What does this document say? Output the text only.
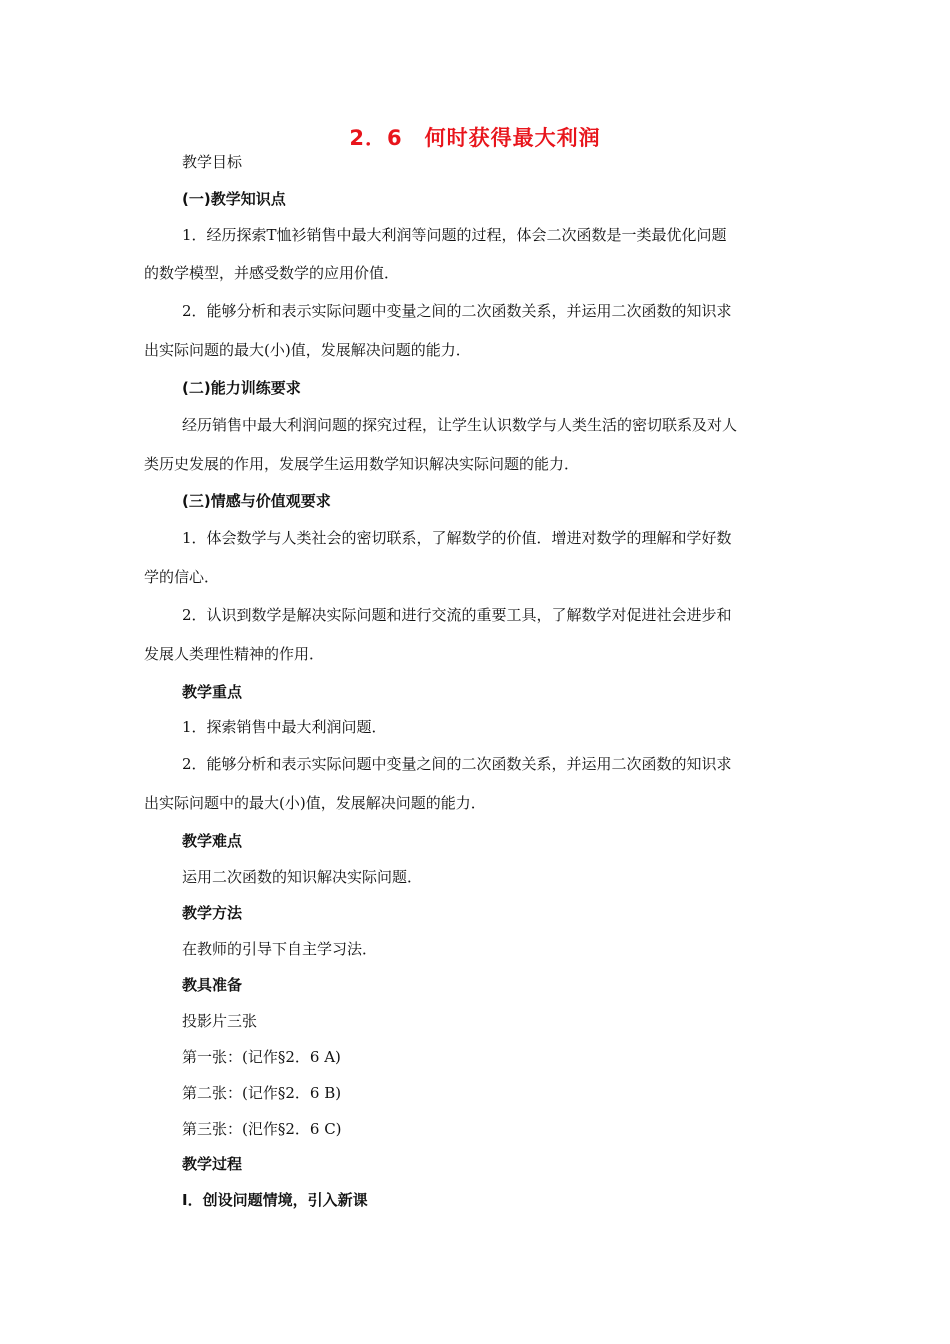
2．6　何时获得最大利润
教学目标
(一)教学知识点
1．经历探索T恤衫销售中最大利润等问题的过程，体会二次函数是一类最优化问题
的数学模型，并感受数学的应用价值．
2．能够分析和表示实际问题中变量之间的二次函数关系，并运用二次函数的知识求
出实际问题的最大(小)值，发展解决问题的能力．
(二)能力训练要求
经历销售中最大利润问题的探究过程，让学生认识数学与人类生活的密切联系及对人
类历史发展的作用，发展学生运用数学知识解决实际问题的能力．
(三)情感与价值观要求
1．体会数学与人类社会的密切联系，了解数学的价值．增进对数学的理解和学好数
学的信心．
2．认识到数学是解决实际问题和进行交流的重要工具，了解数学对促进社会进步和
发展人类理性精神的作用．
教学重点
1．探索销售中最大利润问题．
2．能够分析和表示实际问题中变量之间的二次函数关系，并运用二次函数的知识求
出实际问题中的最大(小)值，发展解决问题的能力．
教学难点
运用二次函数的知识解决实际问题．
教学方法
在教师的引导下自主学习法．
教具准备
投影片三张
第一张：(记作§2．6 A)
第二张：(记作§2．6 B)
第三张：(汜作§2．6 C)
教学过程
Ⅰ．创设问题情境，引入新课
